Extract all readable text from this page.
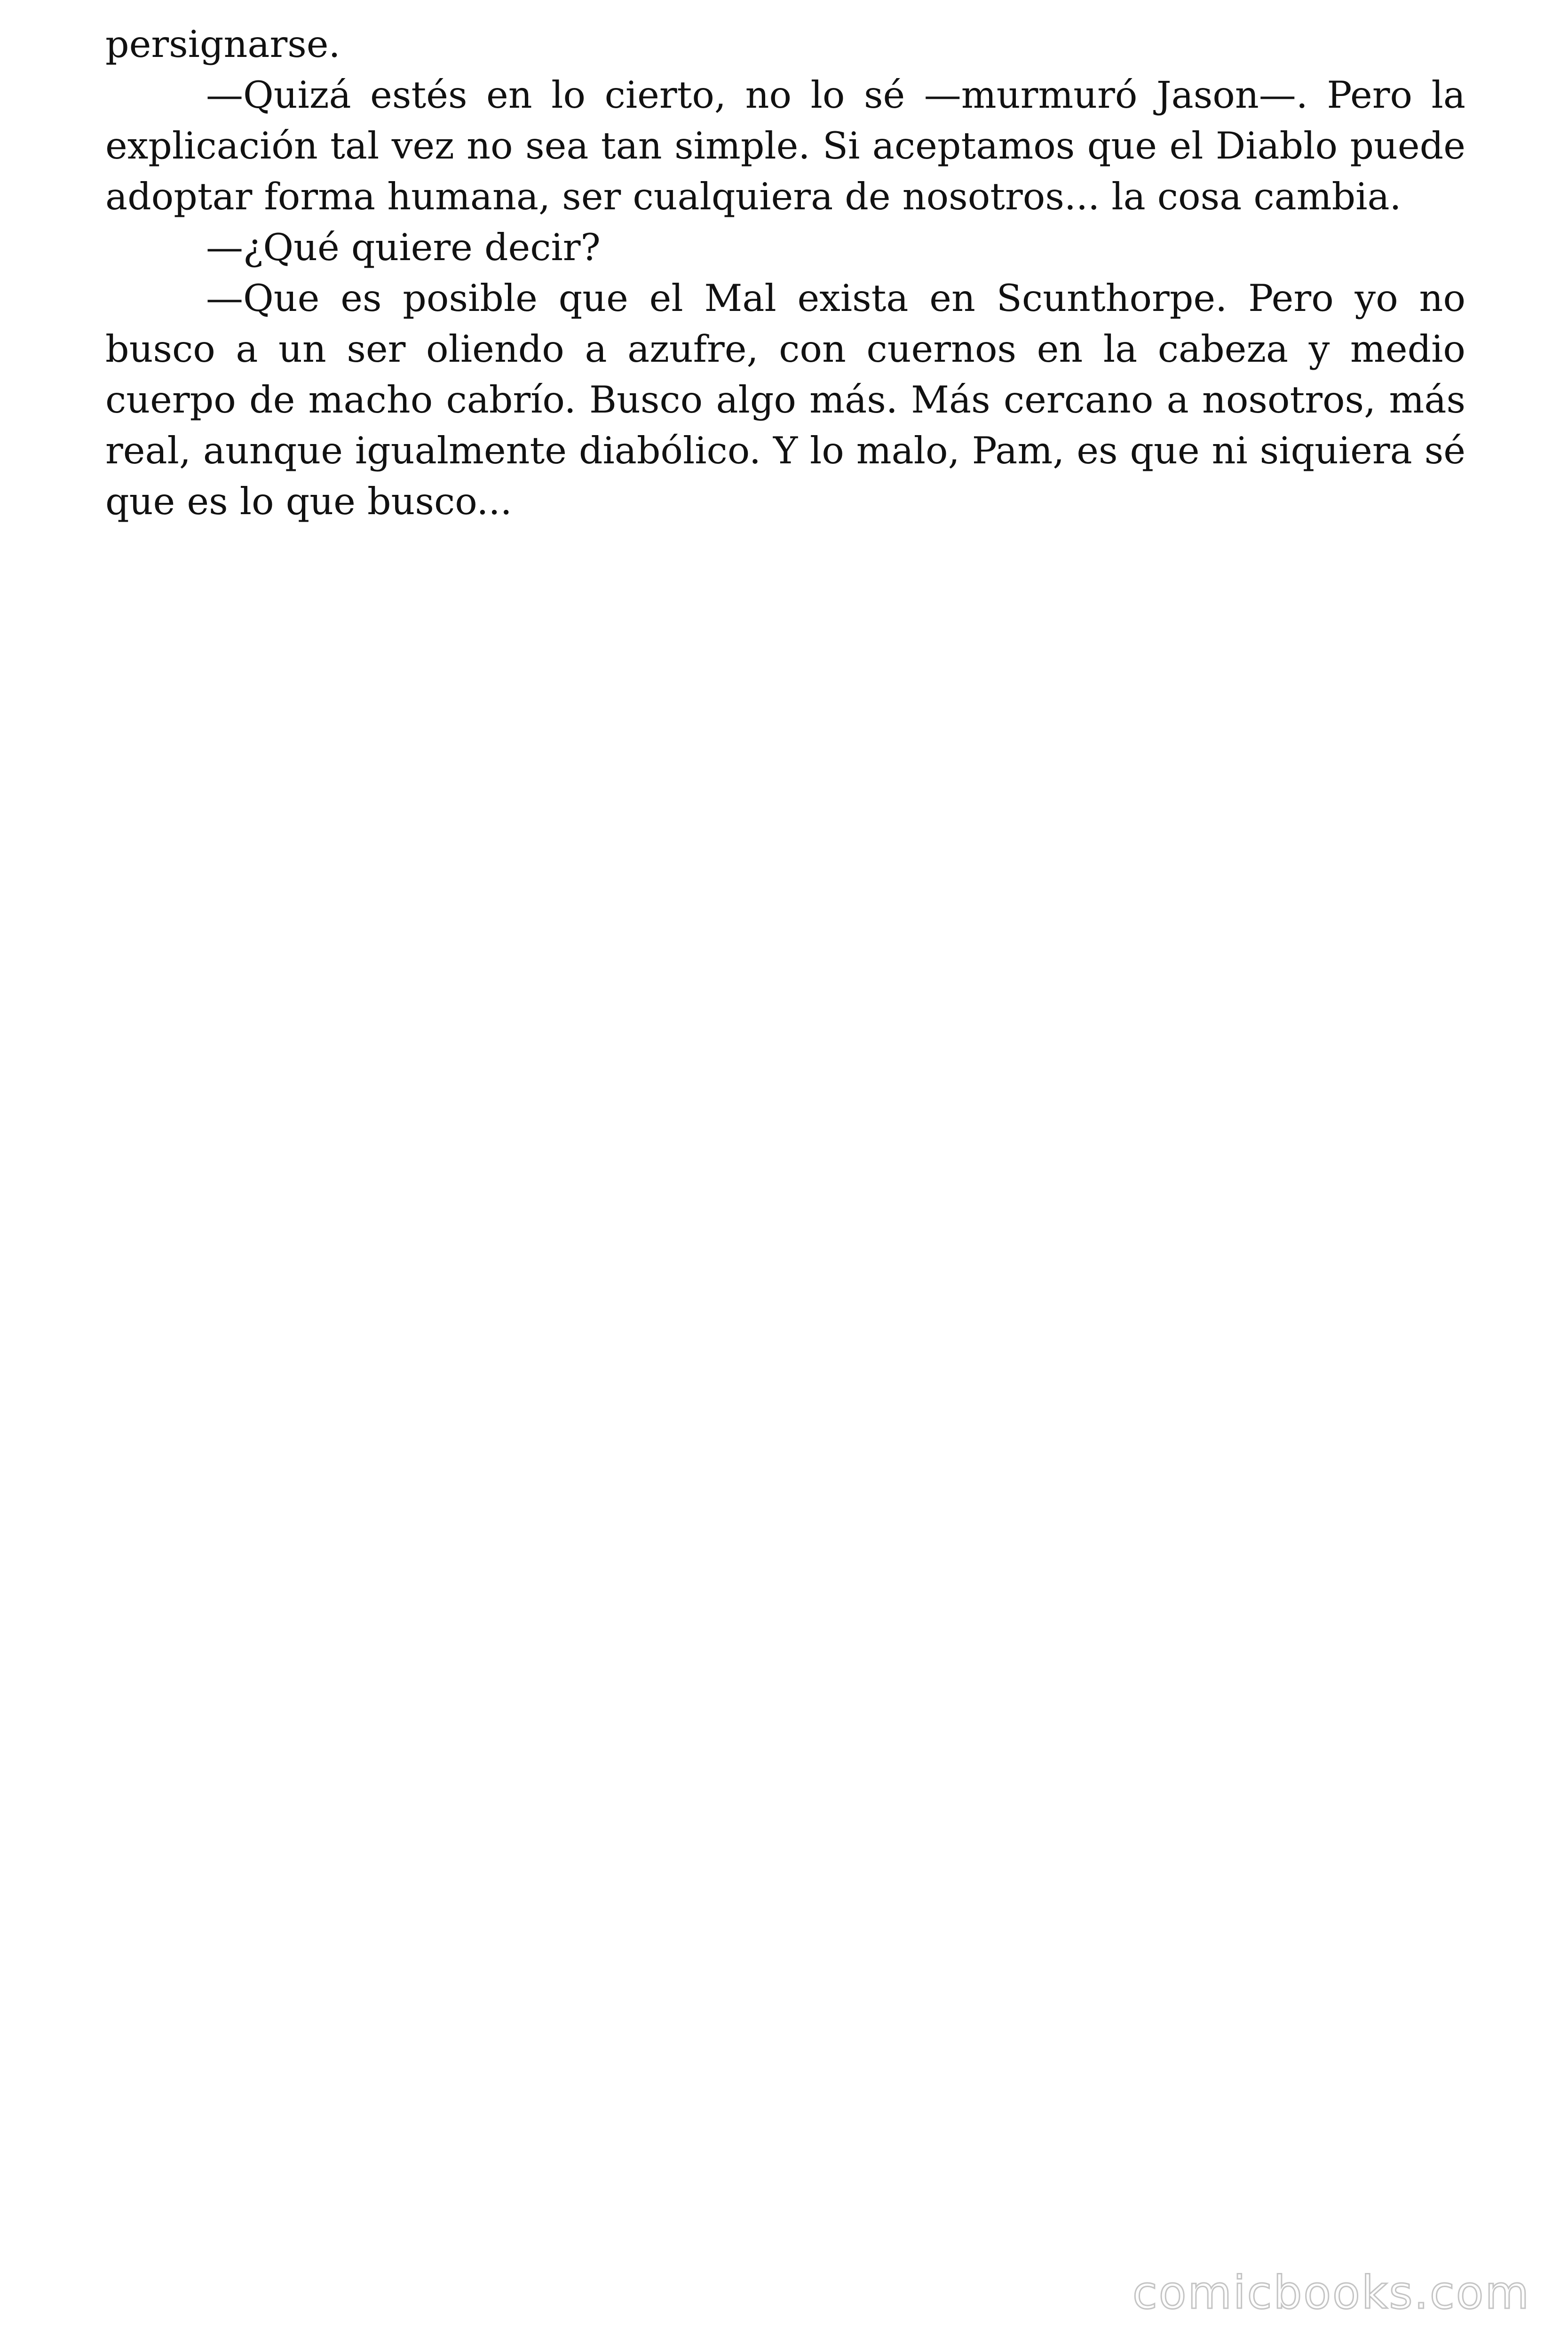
persignarse.

—Quizá estés en lo cierto, no lo sé —murmuró Jason—. Pero la explicación tal vez no sea tan simple. Si aceptamos que el Diablo puede adoptar forma humana, ser cualquiera de nosotros... la cosa cambia.

—¿Qué quiere decir?

—Que es posible que el Mal exista en Scunthorpe. Pero yo no busco a un ser oliendo a azufre, con cuernos en la cabeza y medio cuerpo de macho cabrío. Busco algo más. Más cercano a nosotros, más real, aunque igualmente diabólico. Y lo malo, Pam, es que ni siquiera sé que es lo que busco...

comicbooks.com
